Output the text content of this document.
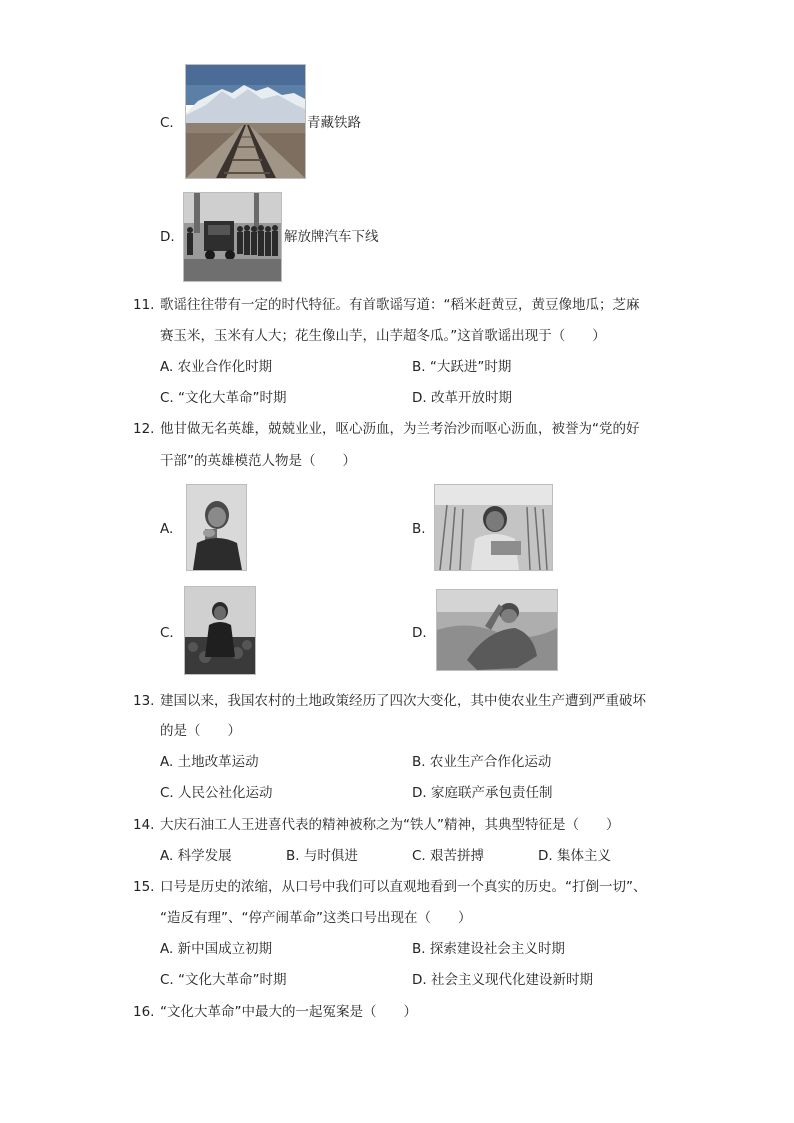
C.	青藏铁路
D.	解放牌汽车下线
11. 歌谣往往带有一定的时代特征。有首歌谣写道：“稻米赶黄豆，黄豆像地瓜；芝麻
赛玉米，玉米有人大；花生像山芋，山芋超冬瓜。”这首歌谣出现于（　　）
A. 农业合作化时期	B. “大跃进”时期
C. “文化大革命”时期	D. 改革开放时期
12. 他甘做无名英雄，兢兢业业，呕心沥血，为兰考治沙而呕心沥血，被誉为“党的好
干部”的英雄模范人物是（　　）
A.	B.
C.	D.
13. 建国以来，我国农村的土地政策经历了四次大变化，其中使农业生产遭到严重破坏
的是（　　）
A. 土地改革运动	B. 农业生产合作化运动
C. 人民公社化运动	D. 家庭联产承包责任制
14. 大庆石油工人王进喜代表的精神被称之为“铁人”精神，其典型特征是（　　）
A. 科学发展	B. 与时俱进	C. 艰苦拼搏	D. 集体主义
15. 口号是历史的浓缩，从口号中我们可以直观地看到一个真实的历史。“打倒一切”、
“造反有理”、“停产闹革命”这类口号出现在（　　）
A. 新中国成立初期	B. 探索建设社会主义时期
C. “文化大革命”时期	D. 社会主义现代化建设新时期
16. “文化大革命”中最大的一起冤案是（　　）
